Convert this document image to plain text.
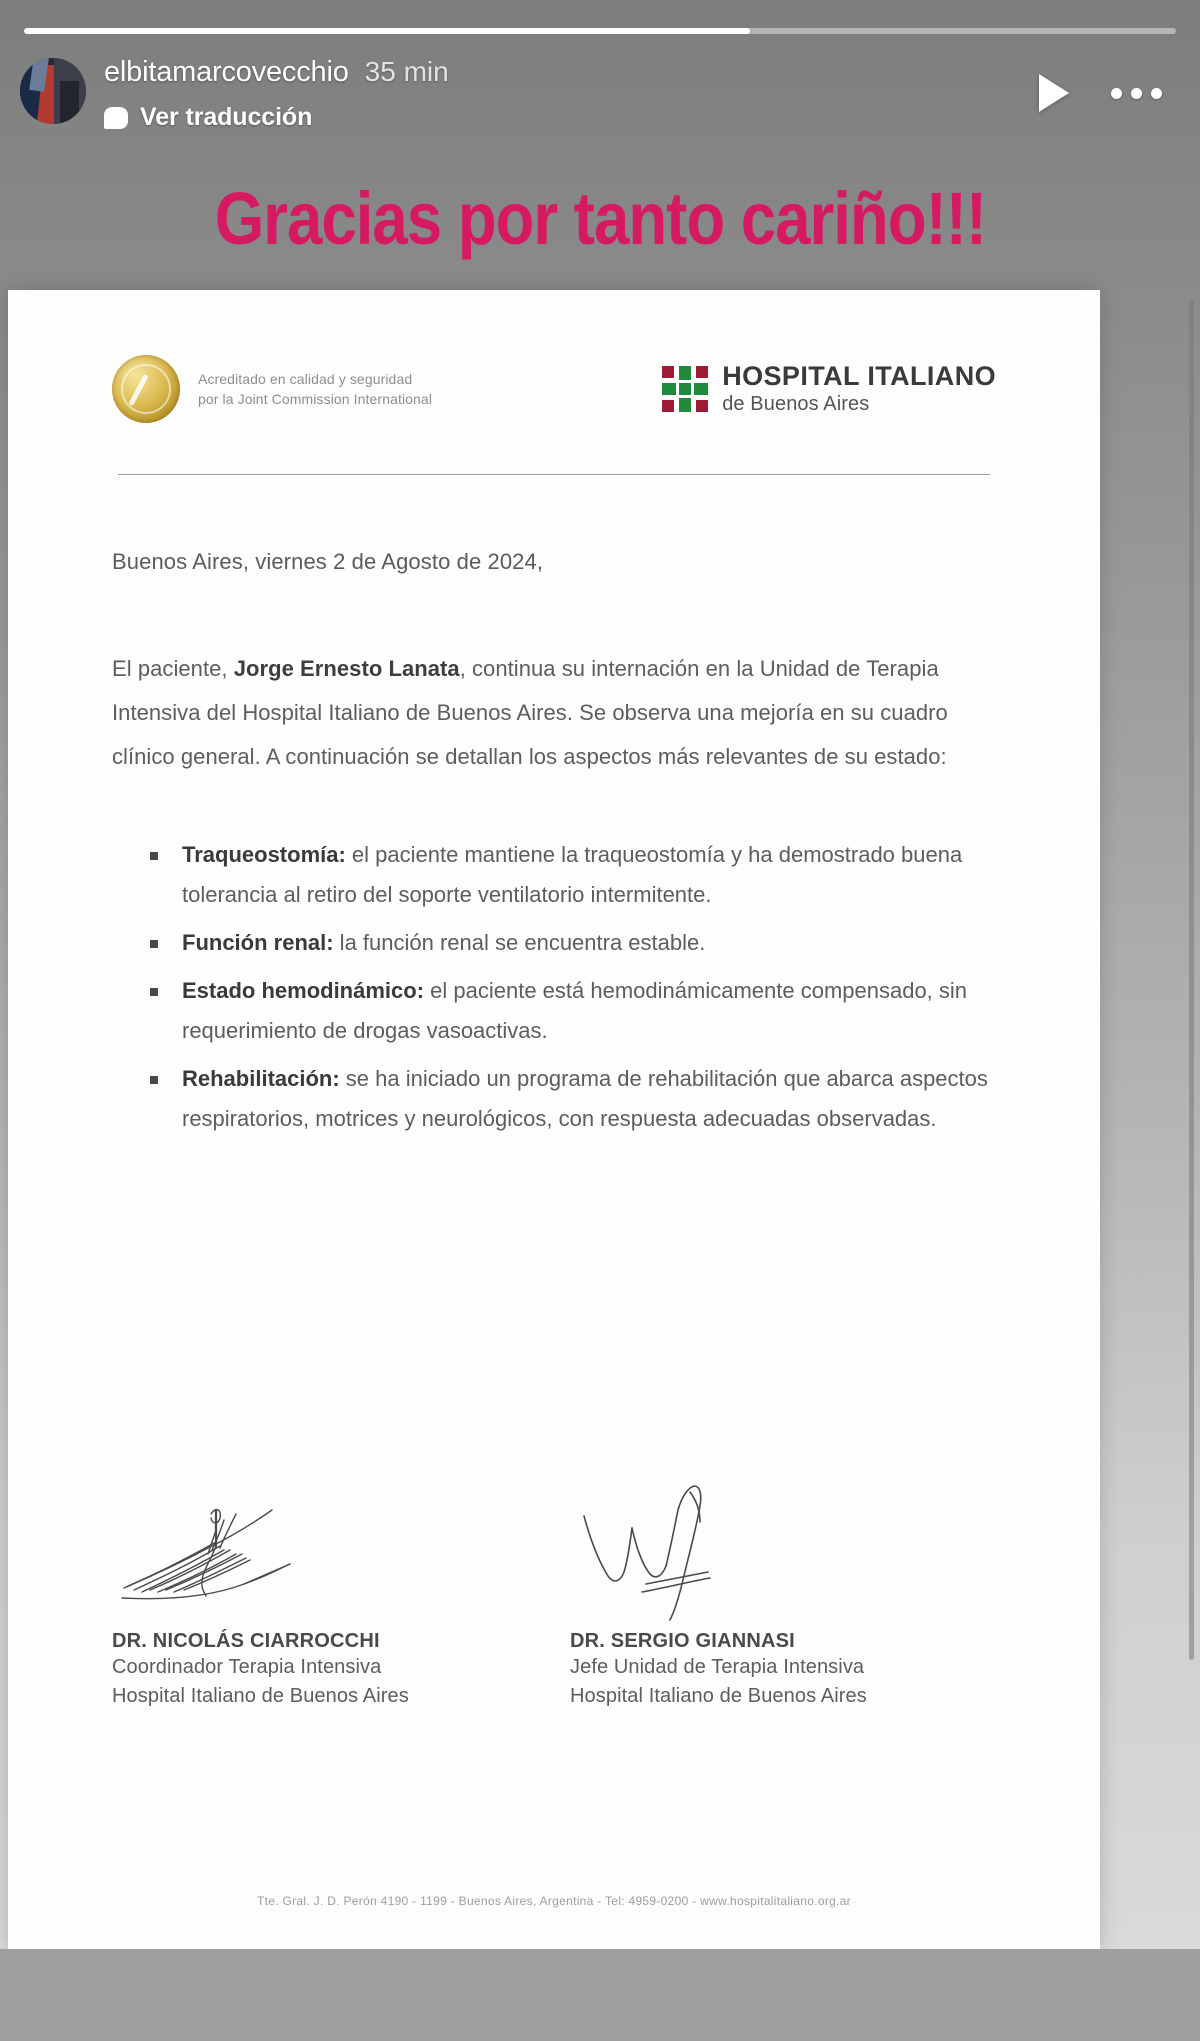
elbitamarcovecchio 35 min
Ver traducción
Gracias por tanto cariño!!!
Acreditado en calidad y seguridad
por la Joint Commission International
HOSPITAL ITALIANO
de Buenos Aires
Buenos Aires, viernes 2 de Agosto de 2024,

El paciente, Jorge Ernesto Lanata, continua su internación en la Unidad de Terapia Intensiva del Hospital Italiano de Buenos Aires. Se observa una mejoría en su cuadro clínico general. A continuación se detallan los aspectos más relevantes de su estado:

Traqueostomía: el paciente mantiene la traqueostomía y ha demostrado buena tolerancia al retiro del soporte ventilatorio intermitente.
Función renal: la función renal se encuentra estable.
Estado hemodinámico: el paciente está hemodinámicamente compensado, sin requerimiento de drogas vasoactivas.
Rehabilitación: se ha iniciado un programa de rehabilitación que abarca aspectos respiratorios, motrices y neurológicos, con respuesta adecuadas observadas.
DR. NICOLÁS CIARROCCHI
Coordinador Terapia Intensiva
Hospital Italiano de Buenos Aires
DR. SERGIO GIANNASI
Jefe Unidad de Terapia Intensiva
Hospital Italiano de Buenos Aires
Tte. Gral. J. D. Perón 4190 - 1199 - Buenos Aires, Argentina - Tel: 4959-0200 - www.hospitalitaliano.org.ar
